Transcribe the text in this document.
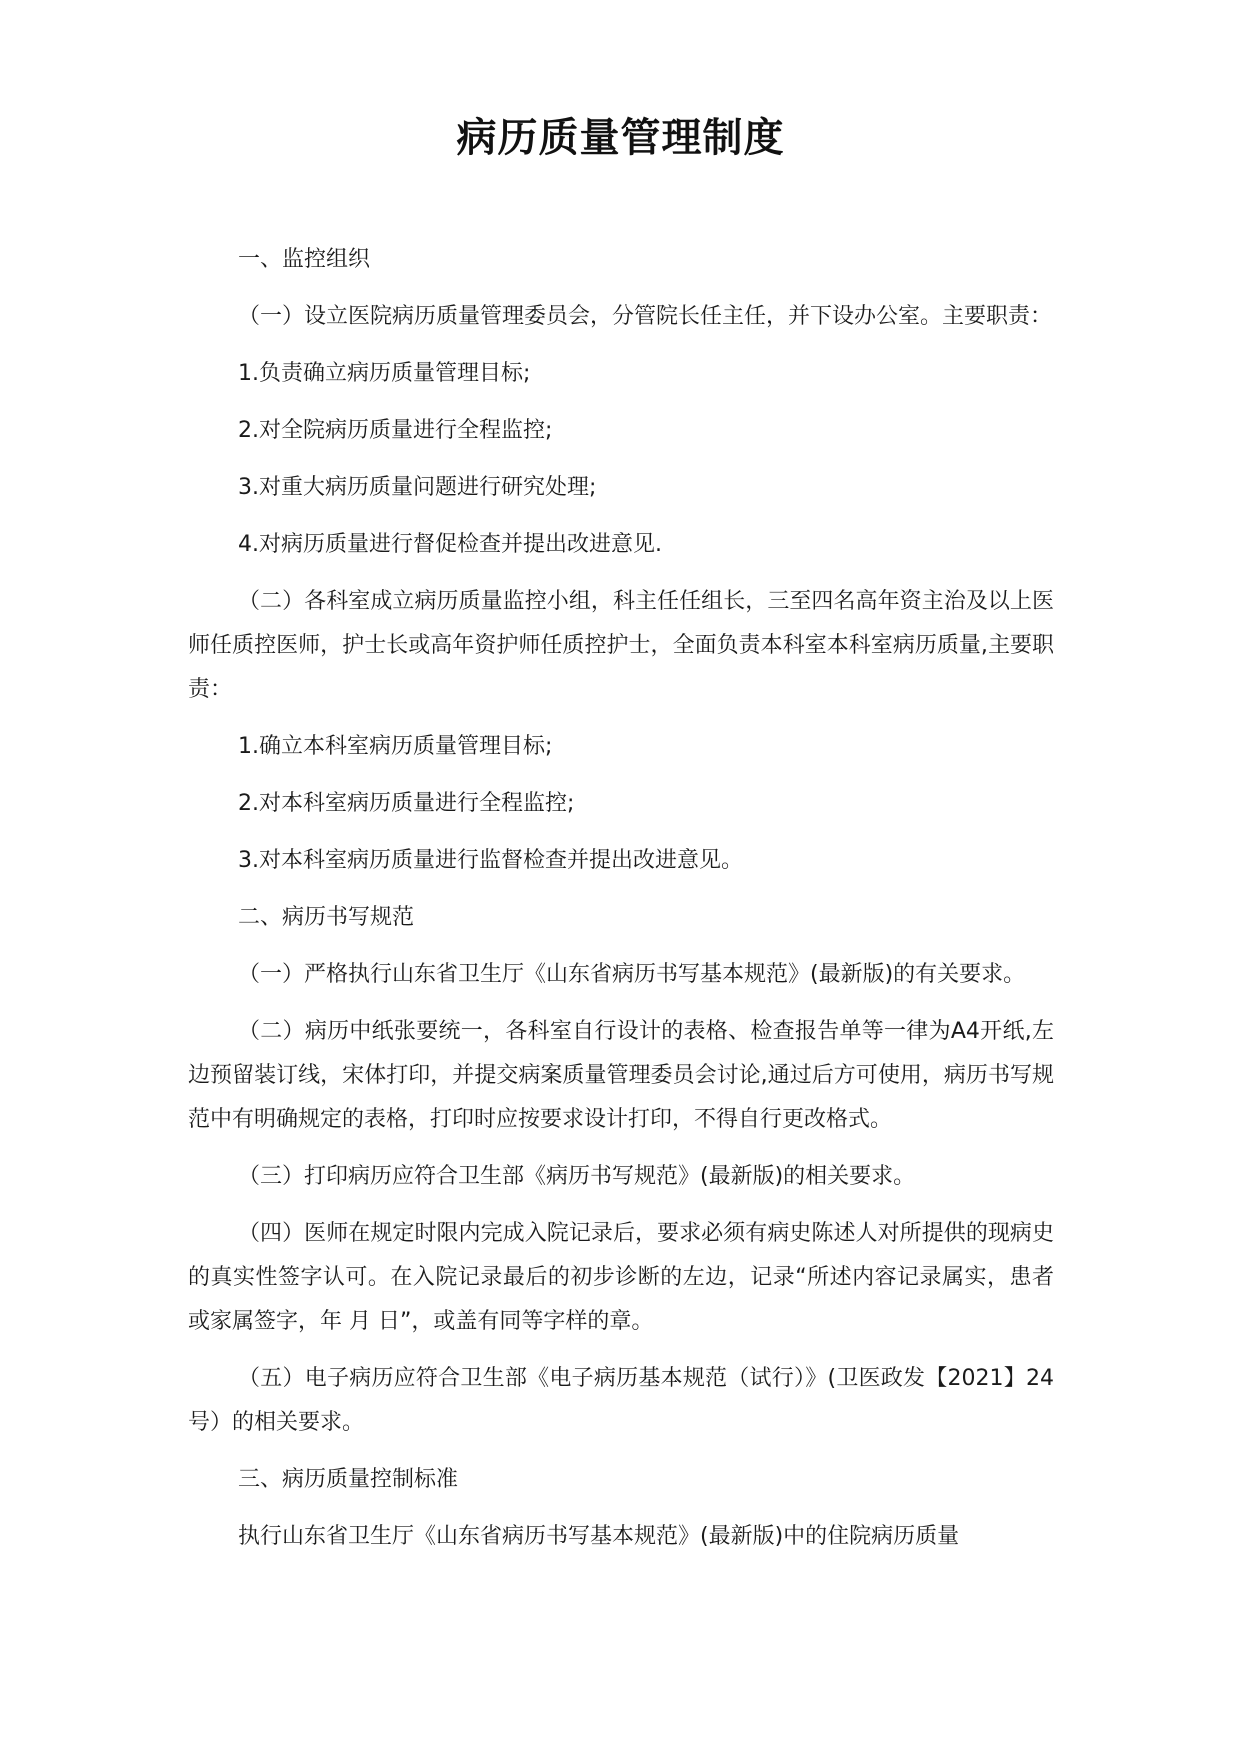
病历质量管理制度

一、监控组织

（一）设立医院病历质量管理委员会，分管院长任主任，并下设办公室。主要职责：

1.负责确立病历质量管理目标;

2.对全院病历质量进行全程监控;

3.对重大病历质量问题进行研究处理;

4.对病历质量进行督促检查并提出改进意见.

（二）各科室成立病历质量监控小组，科主任任组长，三至四名高年资主治及以上医师任质控医师，护士长或高年资护师任质控护士，全面负责本科室本科室病历质量,主要职责：

1.确立本科室病历质量管理目标;

2.对本科室病历质量进行全程监控;

3.对本科室病历质量进行监督检查并提出改进意见。

二、病历书写规范

（一）严格执行山东省卫生厅《山东省病历书写基本规范》(最新版)的有关要求。

（二）病历中纸张要统一，各科室自行设计的表格、检查报告单等一律为A4开纸,左边预留装订线，宋体打印，并提交病案质量管理委员会讨论,通过后方可使用，病历书写规范中有明确规定的表格，打印时应按要求设计打印，不得自行更改格式。

（三）打印病历应符合卫生部《病历书写规范》(最新版)的相关要求。

（四）医师在规定时限内完成入院记录后，要求必须有病史陈述人对所提供的现病史的真实性签字认可。在入院记录最后的初步诊断的左边，记录“所述内容记录属实，患者或家属签字，年 月 日”，或盖有同等字样的章。

（五）电子病历应符合卫生部《电子病历基本规范（试行）》(卫医政发【2021】24号）的相关要求。

三、病历质量控制标准

执行山东省卫生厅《山东省病历书写基本规范》(最新版)中的住院病历质量
